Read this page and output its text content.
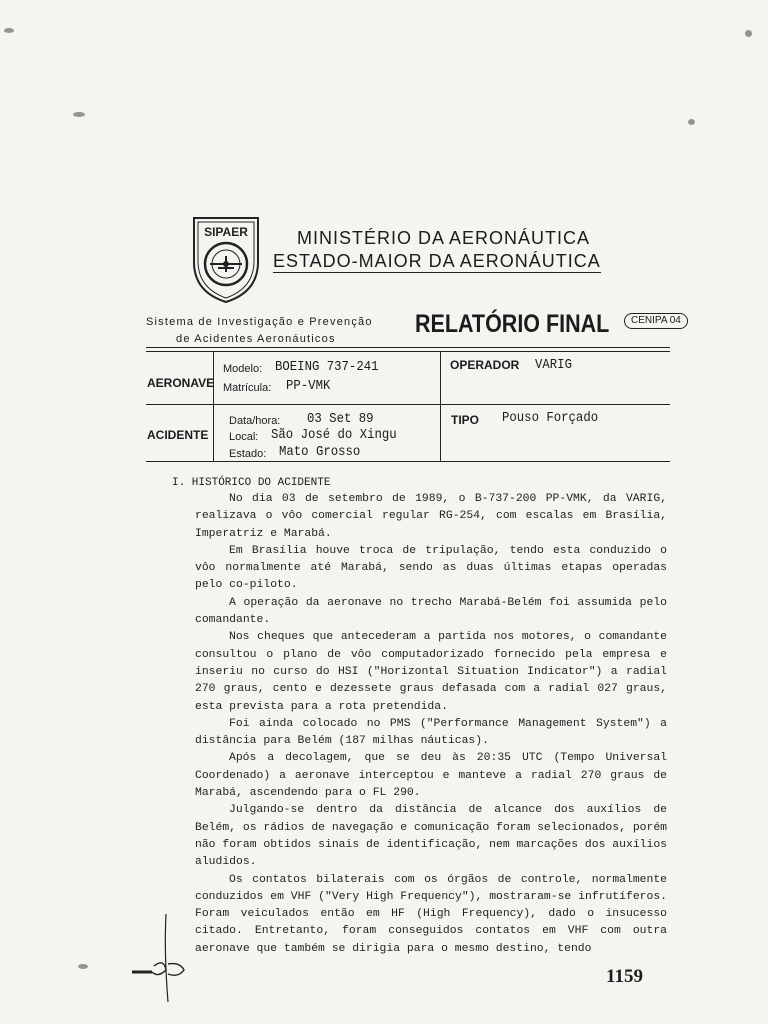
SIPAER	MINISTÉRIO DA AERONÁUTICA
ESTADO-MAIOR DA AERONÁUTICA
Sistema de Investigação e Prevenção
de Acidentes Aeronáuticos
RELATÓRIO FINAL	CENIPA 04
AERONAVE
Modelo: BOEING 737-241
Matrícula: PP-VMK
OPERADOR VARIG
ACIDENTE
Data/hora: 03 Set 89
Local: São José do Xingu
Estado: Mato Grosso
TIPO Pouso Forçado
I. HISTÓRICO DO ACIDENTE

No dia 03 de setembro de 1989, o B-737-200 PP-VMK, da VARIG, realizava o vôo comercial regular RG-254, com escalas em Brasília, Imperatriz e Marabá.

Em Brasília houve troca de tripulação, tendo esta conduzido o vôo normalmente até Marabá, sendo as duas últimas etapas operadas pelo co-piloto.

A operação da aeronave no trecho Marabá-Belém foi assumida pelo comandante.

Nos cheques que antecederam a partida nos motores, o comandante consultou o plano de vôo computadorizado fornecido pela empresa e inseriu no curso do HSI ("Horizontal Situation Indicator") a radial 270 graus, cento e dezessete graus defasada com a radial 027 graus, esta prevista para a rota pretendida.

Foi ainda colocado no PMS ("Performance Management System") a distância para Belém (187 milhas náuticas).

Após a decolagem, que se deu às 20:35 UTC (Tempo Universal Coordenado) a aeronave interceptou e manteve a radial 270 graus de Marabá, ascendendo para o FL 290.

Julgando-se dentro da distância de alcance dos auxílios de Belém, os rádios de navegação e comunicação foram selecionados, porém não foram obtidos sinais de identificação, nem marcações dos auxílios aludidos.

Os contatos bilaterais com os órgãos de controle, normalmente conduzidos em VHF ("Very High Frequency"), mostraram-se infrutíferos. Foram veiculados então em HF (High Frequency), dado o insucesso citado. Entretanto, foram conseguidos contatos em VHF com outra aeronave que também se dirigia para o mesmo destino, tendo

1159
